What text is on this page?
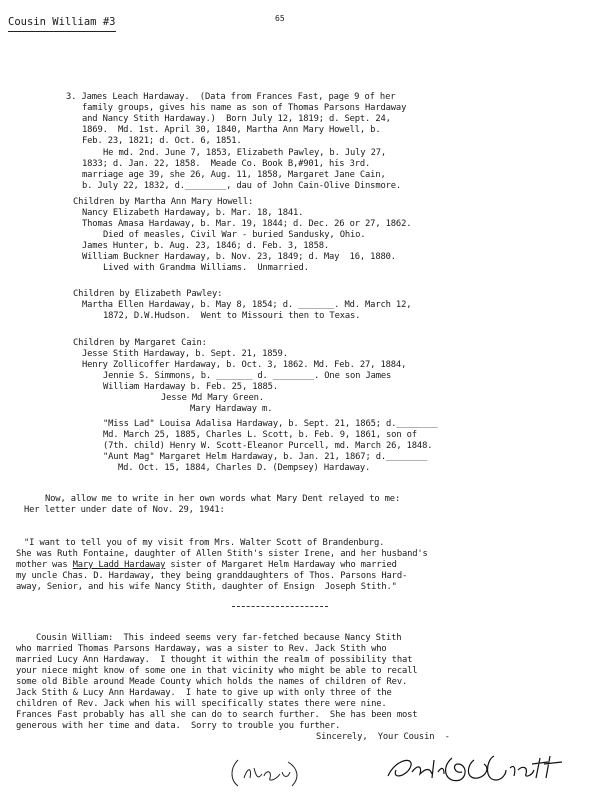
Cousin William #3	65
3. James Leach Hardaway.  (Data from Frances Fast, page 9 of her
family groups, gives his name as son of Thomas Parsons Hardaway
and Nancy Stith Hardaway.)  Born July 12, 1819; d. Sept. 24,
1869.  Md. 1st. April 30, 1840, Martha Ann Mary Howell, b.
Feb. 23, 1821; d. Oct. 6, 1851.
He md. 2nd. June 7, 1853, Elizabeth Pawley, b. July 27,
1833; d. Jan. 22, 1858.  Meade Co. Book B,#901, his 3rd.
marriage age 39, she 26, Aug. 11, 1858, Margaret Jane Cain,
b. July 22, 1832, d.________, dau of John Cain-Olive Dinsmore.
Children by Martha Ann Mary Howell:
Nancy Elizabeth Hardaway, b. Mar. 18, 1841.
Thomas Amasa Hardaway, b. Mar. 19, 1844; d. Dec. 26 or 27, 1862.
Died of measles, Civil War - buried Sandusky, Ohio.
James Hunter, b. Aug. 23, 1846; d. Feb. 3, 1858.
William Buckner Hardaway, b. Nov. 23, 1849; d. May  16, 1880.
Lived with Grandma Williams.  Unmarried.
Children by Elizabeth Pawley:
Martha Ellen Hardaway, b. May 8, 1854; d. _______. Md. March 12,
1872, D.W.Hudson.  Went to Missouri then to Texas.
Children by Margaret Cain:
Jesse Stith Hardaway, b. Sept. 21, 1859.
Henry Zollicoffer Hardaway, b. Oct. 3, 1862. Md. Feb. 27, 1884,
Jennie S. Simmons, b. _______ d. ________. One son James
William Hardaway b. Feb. 25, 1885.
Jesse Md Mary Green.
Mary Hardaway m.
"Miss Lad" Louisa Adalisa Hardaway, b. Sept. 21, 1865; d.________
Md. March 25, 1885, Charles L. Scott, b. Feb. 9, 1861, son of
(7th. child) Henry W. Scott-Eleanor Purcell, md. March 26, 1848.
"Aunt Mag" Margaret Helm Hardaway, b. Jan. 21, 1867; d.________
Md. Oct. 15, 1884, Charles D. (Dempsey) Hardaway.
Now, allow me to write in her own words what Mary Dent relayed to me:
Her letter under date of Nov. 29, 1941:
"I want to tell you of my visit from Mrs. Walter Scott of Brandenburg.
She was Ruth Fontaine, daughter of Allen Stith's sister Irene, and her husband's
mother was Mary Ladd Hardaway sister of Margaret Helm Hardaway who married
my uncle Chas. D. Hardaway, they being granddaughters of Thos. Parsons Hard-
away, Senior, and his wife Nancy Stith, daughter of Ensign  Joseph Stith."
Cousin William:  This indeed seems very far-fetched because Nancy Stith
who married Thomas Parsons Hardaway, was a sister to Rev. Jack Stith who
married Lucy Ann Hardaway.  I thought it within the realm of possibility that
your niece might know of some one in that vicinity who might be able to recall
some old Bible around Meade County which holds the names of children of Rev.
Jack Stith & Lucy Ann Hardaway.  I hate to give up with only three of the
children of Rev. Jack when his will specifically states there were nine.
Frances Fast probably has all she can do to search further.  She has been most
generous with her time and data.  Sorry to trouble you further.
Sincerely,  Your Cousin  -
